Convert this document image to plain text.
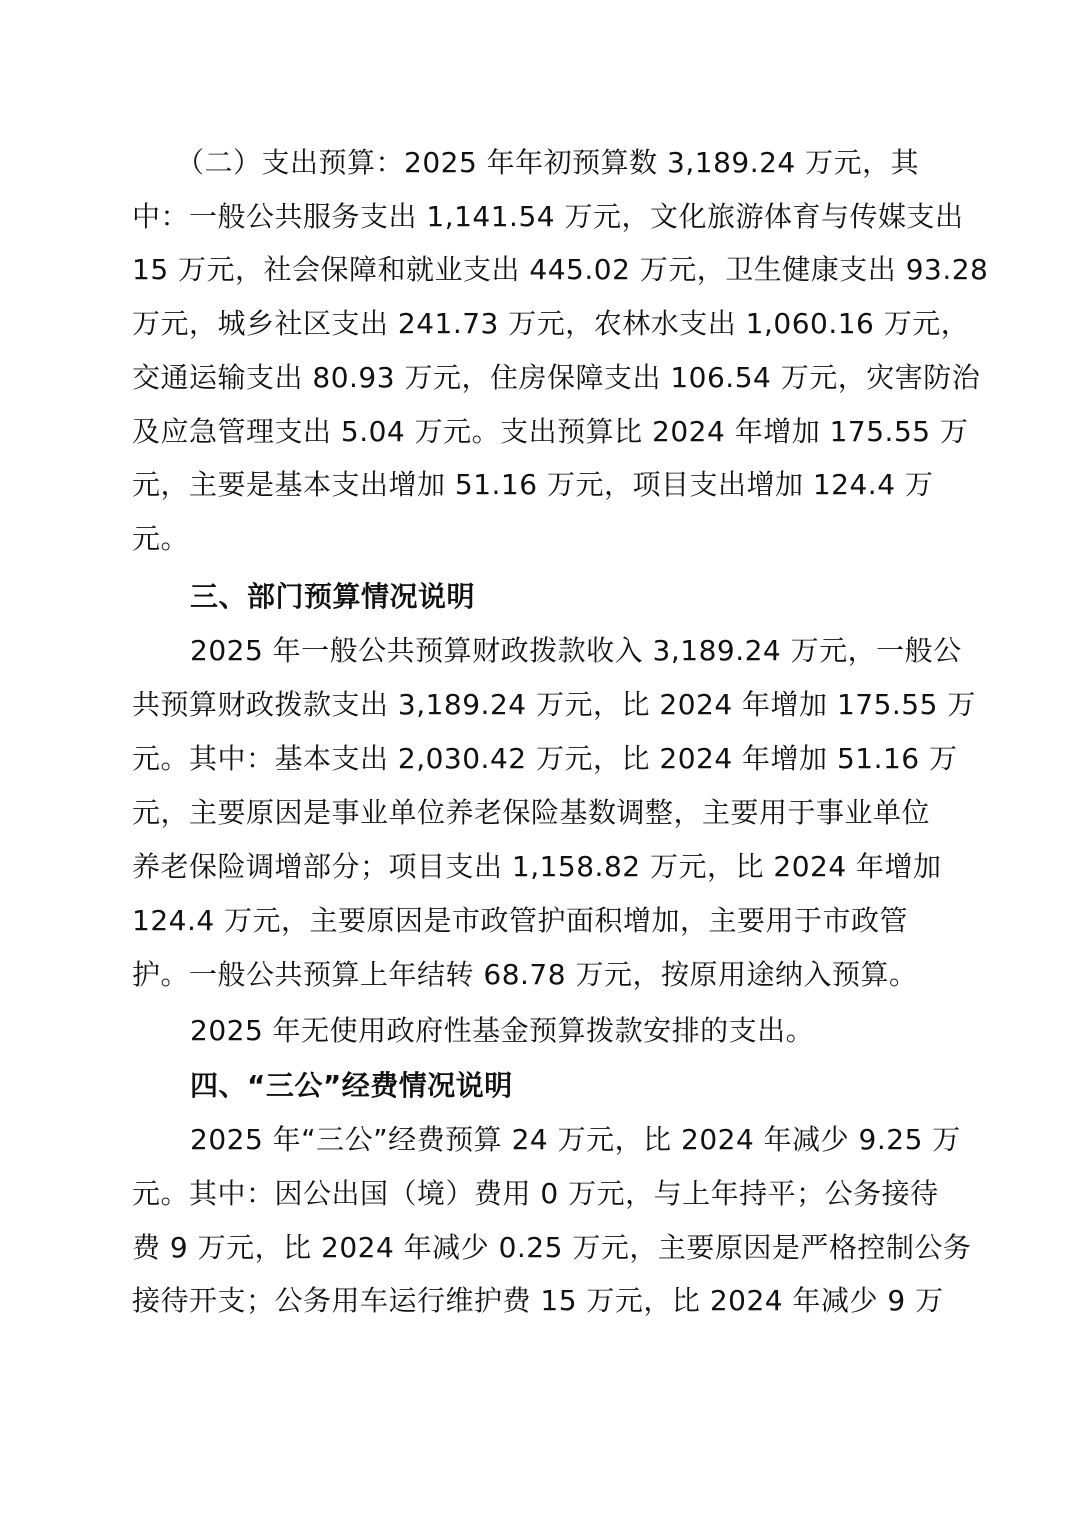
（二）支出预算：2025 年年初预算数 3,189.24 万元，其
中：一般公共服务支出 1,141.54 万元，文化旅游体育与传媒支出
15 万元，社会保障和就业支出 445.02 万元，卫生健康支出 93.28
万元，城乡社区支出 241.73 万元，农林水支出 1,060.16 万元，
交通运输支出 80.93 万元，住房保障支出 106.54 万元，灾害防治
及应急管理支出 5.04 万元。支出预算比 2024 年增加 175.55 万
元，主要是基本支出增加 51.16 万元，项目支出增加 124.4 万
元。
三、部门预算情况说明
2025 年一般公共预算财政拨款收入 3,189.24 万元，一般公
共预算财政拨款支出 3,189.24 万元，比 2024 年增加 175.55 万
元。其中：基本支出 2,030.42 万元，比 2024 年增加 51.16 万
元，主要原因是事业单位养老保险基数调整，主要用于事业单位
养老保险调增部分；项目支出 1,158.82 万元，比 2024 年增加
124.4 万元，主要原因是市政管护面积增加，主要用于市政管
护。一般公共预算上年结转 68.78 万元，按原用途纳入预算。
2025 年无使用政府性基金预算拨款安排的支出。
四、“三公”经费情况说明
2025 年“三公”经费预算 24 万元，比 2024 年减少 9.25 万
元。其中：因公出国（境）费用 0 万元，与上年持平；公务接待
费 9 万元，比 2024 年减少 0.25 万元，主要原因是严格控制公务
接待开支；公务用车运行维护费 15 万元，比 2024 年减少 9 万
